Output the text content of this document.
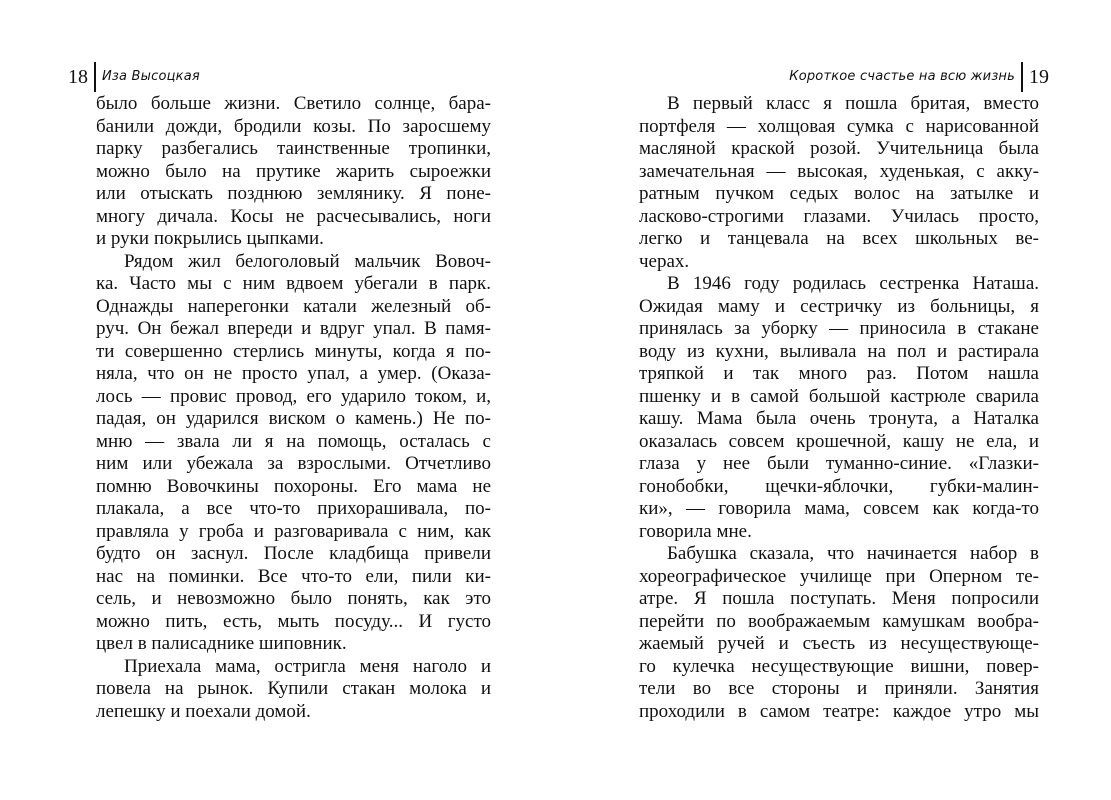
18 Иза Высоцкая
было больше жизни. Светило солнце, бара-
банили дожди, бродили козы. По заросшему
парку разбегались таинственные тропинки,
можно было на прутике жарить сыроежки
или отыскать позднюю землянику. Я поне-
многу дичала. Косы не расчесывались, ноги
и руки покрылись цыпками.
Рядом жил белоголовый мальчик Вовоч-
ка. Часто мы с ним вдвоем убегали в парк.
Однажды наперегонки катали железный об-
руч. Он бежал впереди и вдруг упал. В памя-
ти совершенно стерлись минуты, когда я по-
няла, что он не просто упал, а умер. (Оказа-
лось — провис провод, его ударило током, и,
падая, он ударился виском о камень.) Не по-
мню — звала ли я на помощь, осталась с
ним или убежала за взрослыми. Отчетливо
помню Вовочкины похороны. Его мама не
плакала, а все что-то прихорашивала, по-
правляла у гроба и разговаривала с ним, как
будто он заснул. После кладбища привели
нас на поминки. Все что-то ели, пили ки-
сель, и невозможно было понять, как это
можно пить, есть, мыть посуду... И густо
цвел в палисаднике шиповник.
Приехала мама, остригла меня наголо и
повела на рынок. Купили стакан молока и
лепешку и поехали домой.
Короткое счастье на всю жизнь 19
В первый класс я пошла бритая, вместо
портфеля — холщовая сумка с нарисованной
масляной краской розой. Учительница была
замечательная — высокая, худенькая, с акку-
ратным пучком седых волос на затылке и
ласково-строгими глазами. Училась просто,
легко и танцевала на всех школьных ве-
черах.
В 1946 году родилась сестренка Наташа.
Ожидая маму и сестричку из больницы, я
принялась за уборку — приносила в стакане
воду из кухни, выливала на пол и растирала
тряпкой и так много раз. Потом нашла
пшенку и в самой большой кастрюле сварила
кашу. Мама была очень тронута, а Наталка
оказалась совсем крошечной, кашу не ела, и
глаза у нее были туманно-синие. «Глазки-
гонобобки, щечки-яблочки, губки-малин-
ки», — говорила мама, совсем как когда-то
говорила мне.
Бабушка сказала, что начинается набор в
хореографическое училище при Оперном те-
атре. Я пошла поступать. Меня попросили
перейти по воображаемым камушкам вообра-
жаемый ручей и съесть из несуществующе-
го кулечка несуществующие вишни, повер-
тели во все стороны и приняли. Занятия
проходили в самом театре: каждое утро мы
